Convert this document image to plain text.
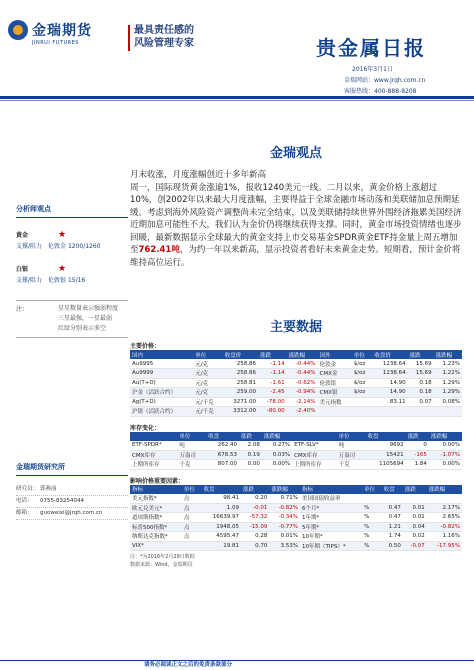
金瑞期货
JINRUI FUTURES
最具责任感的
风险管理专家	贵金属日报
2016年3月1日
金瑞网站：www.jrqh.com.cn
客服热线：400-888-8208
分析师观点
黄金	★
支撑/阻力 伦敦金 1200/1260
白银	★
支撑/阻力 伦敦银 15/16
注：	星星数量表示强弱程度
三星最强，一星最弱
红绿分别表示多空
金瑞期货研究所
研究员： 郭燕丽
电话： 0755-83254044
邮箱： guoweixi@jrqh.com.cn
金瑞观点
月末收涨，月度涨幅创近十多年新高
周一，国际现货黄金涨逾1%，报收1240美元一线。二月以来，黄金价格上涨超过10%，创2002年以来最大月度涨幅，主要得益于全球金融市场动荡和美联储加息预期延缓。考虑到海外风险资产调整尚未完全结束，以及美联储持续世界外围经济拖累美国经济近期加息可能性不大，我们认为金价仍将继续获得支撑。同时，黄金市场投资情绪也逐步回暖，最新数据显示全球最大的黄金支持上市交易基金SPDR黄金ETF持金量上周五增加至762.41吨，为约一年以来新高，显示投资者看好未来黄金走势。短期看，预计金价将维持高位运行。
主要数据
主要价格：
国内	单位	收盘价	涨跌	涨跌幅	国外	单位	收盘价	涨跌	涨跌幅
Au9995	元/克	258.86	-1.14	-0.44%	伦敦金	$/oz	1238.64	15.69	1.23%
Au9999	元/克	258.86	-1.14	-0.44%	CMX金	$/oz	1238.64	15.69	1.22%
Au(T+D)	元/克	258.81	-1.61	-0.62%	伦敦银	$/oz	14.90	0.18	1.29%
沪金（活跃合约）	元/克	259.00	-2.45	-0.94%	CMX银	$/oz	14.90	0.18	1.29%
Ag(T+D)	元/千克	3271.00	-78.00	-2.14%	美元指数		83.11	0.07	0.08%
沪银（活跃合约）	元/千克	3312.00	-80.00	-2.40%					
库存变化：
	单位	收盘	涨跌	涨跌幅		单位	收盘	涨跌	涨跌幅
ETF-SPDR*	吨	262.40	2.08	0.27%	ETF-SLV*	吨	9692	0	0.00%
CMX库存	万盎司	678.53	0.19	0.03%	CMX库存	万盎司	15421	-165	-1.07%
上期所库存	千克	807.00	0.00	0.00%	上期所库存	千克	1105694	1.84	0.00%
影响价格重要因素：
指标	单位	收盘	涨跌	涨跌幅	指标	单位	收盘	涨跌	涨跌幅
美元指数*	点	98.41	0.20	0.71%	美国国债收益率				
欧元兑美元*	点	1.09	-0.01	-0.82%	6个月*	%	0.47	0.01	2.17%
道琼斯指数*	点	16639.97	-57.32	-0.34%	1年期*	%	0.47	0.01	2.65%
标普500指数*	点	1948.05	-15.09	-0.77%	5年期*	%	1.21	0.04	-0.82%
纳斯达克指数*	点	4595.47	0.28	0.01%	10年期*	%	1.74	0.02	1.16%
VIX*		19.81	0.70	3.53%	10年期（TIPS）*	%	0.50	-0.07	-17.95%
注：*为2016年2月29日数据
数据来源：Wind，金瑞期货
请务必阅读正文之后的免责条款部分
